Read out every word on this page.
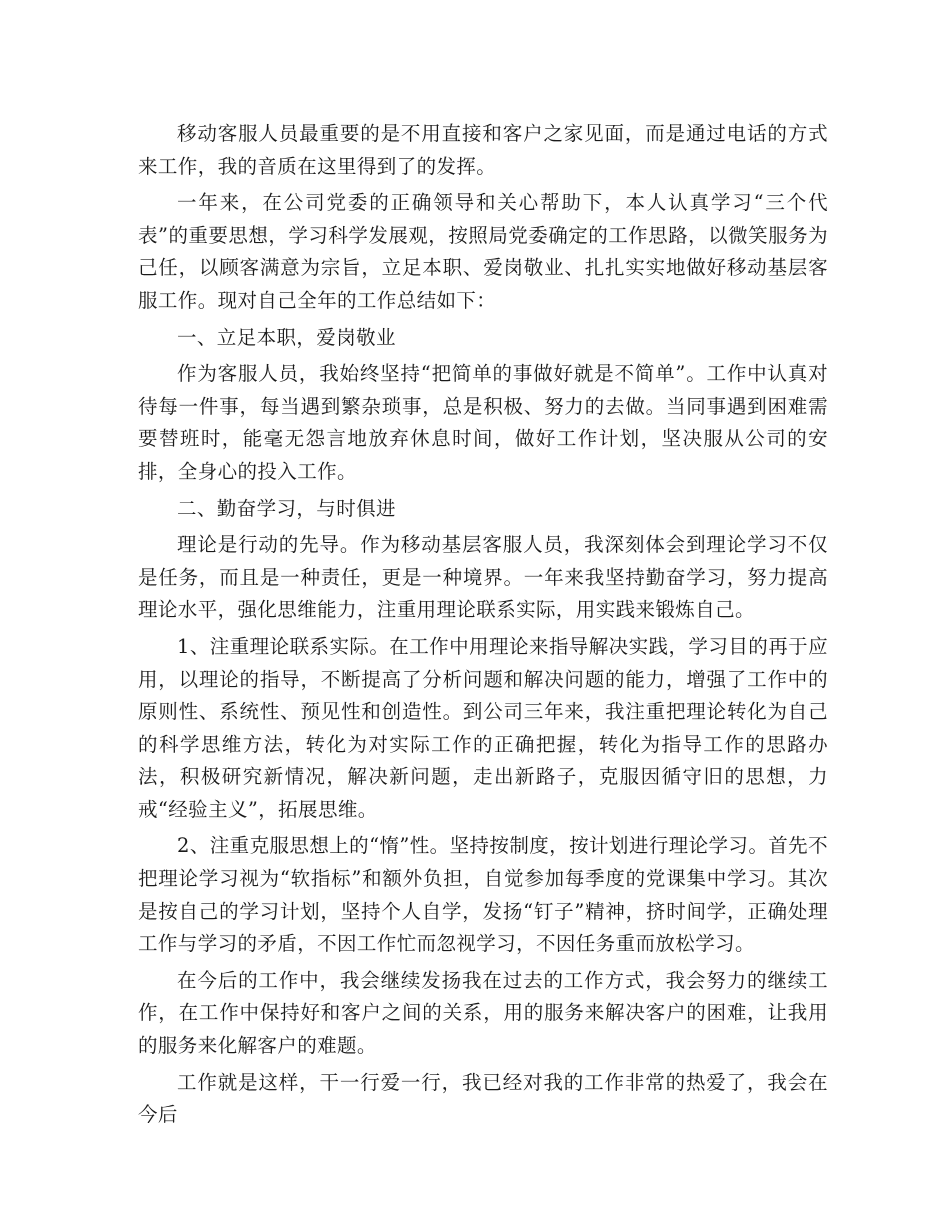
移动客服人员最重要的是不用直接和客户之家见面，而是通过电话的方式来工作，我的音质在这里得到了的发挥。

一年来，在公司党委的正确领导和关心帮助下，本人认真学习“三个代表”的重要思想，学习科学发展观，按照局党委确定的工作思路，以微笑服务为己任，以顾客满意为宗旨，立足本职、爱岗敬业、扎扎实实地做好移动基层客服工作。现对自己全年的工作总结如下：

一、立足本职，爱岗敬业

作为客服人员，我始终坚持“把简单的事做好就是不简单”。工作中认真对待每一件事，每当遇到繁杂琐事，总是积极、努力的去做。当同事遇到困难需要替班时，能毫无怨言地放弃休息时间，做好工作计划，坚决服从公司的安排，全身心的投入工作。

二、勤奋学习，与时俱进

理论是行动的先导。作为移动基层客服人员，我深刻体会到理论学习不仅是任务，而且是一种责任，更是一种境界。一年来我坚持勤奋学习，努力提高理论水平，强化思维能力，注重用理论联系实际，用实践来锻炼自己。

1、注重理论联系实际。在工作中用理论来指导解决实践，学习目的再于应用，以理论的指导，不断提高了分析问题和解决问题的能力，增强了工作中的原则性、系统性、预见性和创造性。到公司三年来，我注重把理论转化为自己的科学思维方法，转化为对实际工作的正确把握，转化为指导工作的思路办法，积极研究新情况，解决新问题，走出新路子，克服因循守旧的思想，力戒“经验主义”，拓展思维。

2、注重克服思想上的“惰”性。坚持按制度，按计划进行理论学习。首先不把理论学习视为“软指标”和额外负担，自觉参加每季度的党课集中学习。其次是按自己的学习计划，坚持个人自学，发扬“钉子”精神，挤时间学，正确处理工作与学习的矛盾，不因工作忙而忽视学习，不因任务重而放松学习。

在今后的工作中，我会继续发扬我在过去的工作方式，我会努力的继续工作，在工作中保持好和客户之间的关系，用的服务来解决客户的困难，让我用的服务来化解客户的难题。

工作就是这样，干一行爱一行，我已经对我的工作非常的热爱了，我会在今后
